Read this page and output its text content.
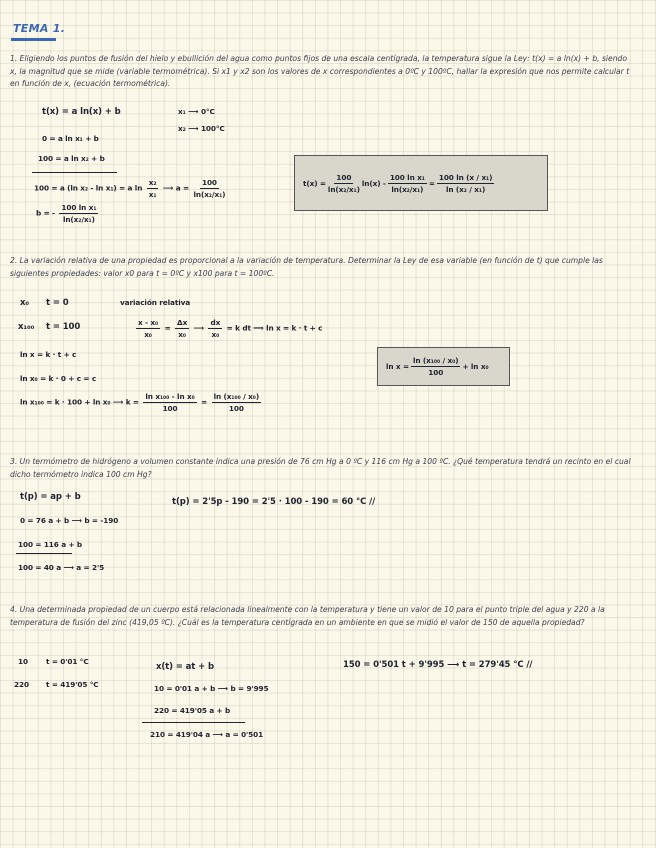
TEMA 1.
1. Eligiendo los puntos de fusión del hielo y ebullición del agua como puntos fijos de una escala centígrada, la temperatura sigue la Ley: t(x) = a ln(x) + b, siendo x, la magnitud que se mide (variable termométrica). Si x1 y x2 son los valores de x correspondientes a 0ºC y 100ºC, hallar la expresión que nos permite calcular t en función de x, (ecuación termométrica).
t(x) = a ln(x) + b	x₁ ⟶ 0°C
x₂ ⟶ 100°C
0 = a ln x₁ + b
100 = a ln x₂ + b
100 = a (ln x₂ - ln x₁) = a $\ln \frac{\text{x₂}}{\text{x₁}}$ ⟶ $a = \frac{100}{\text{ln(x₂/x₁)}}$
b = - $\frac{\text{100 ln x₁}}{\text{ln(x₂/x₁)}}$
$t(x) = \frac{100}{\text{ln(x₂/x₁)}} \ln(x) - \frac{\text{100 ln x₁}}{\text{ln(x₂/x₁)}} = \frac{\text{100 ln (x / x₁)}}{\text{ln (x₂ / x₁)}}$
2. La variación relativa de una propiedad es proporcional a la variación de temperatura. Determinar la Ley de esa variable (en función de t) que cumple las siguientes propiedades: valor x0 para t = 0ºC y x100 para t = 100ºC.
x₀ t = 0
x₁₀₀ t = 100
variación relativa
$\frac{\text{x - x₀}}{\text{x₀}} = \frac{\Delta x}{\text{x₀}}$ ⟶ $\frac{dx}{\text{x₀}} = k$ dt ⟹ ln x = k · t + c
ln x = k · t + c
ln x₀ = k · 0 + c = c
ln x₁₀₀ = k · 100 + ln x₀ ⟶ $k = \frac{\text{ln x₁₀₀ - ln x₀}}{100} = \frac{\text{ln (x₁₀₀ / x₀)}}{100}$
$\ln x = \frac{\text{ln (x₁₀₀ / x₀)}}{100} + \ln x_0$
3. Un termómetro de hidrógeno a volumen constante indica una presión de 76 cm Hg a 0 ºC y 116 cm Hg a 100 ºC. ¿Qué temperatura tendrá un recinto en el cual dicho termómetro indica 100 cm Hg?
t(p) = ap + b	t(p) = 2'5p - 190 = 2'5 · 100 - 190 = 60 °C //
0 = 76 a + b ⟶ b = -190
100 = 116 a + b
100 = 40 a ⟶ a = 2'5
4. Una determinada propiedad de un cuerpo está relacionada linealmente con la temperatura y tiene un valor de 10 para el punto triple del agua y 220 a la temperatura de fusión del zinc (419,05 ºC). ¿Cuál es la temperatura centígrada en un ambiente en que se midió el valor de 150 de aquella propiedad?
10 t = 0'01 °C
220 t = 419'05 °C
x(t) = at + b
10 = 0'01 a + b ⟶ b = 9'995
220 = 419'05 a + b
210 = 419'04 a ⟶ a = 0'501
150 = 0'501 t + 9'995 ⟶ t = 279'45 °C //
